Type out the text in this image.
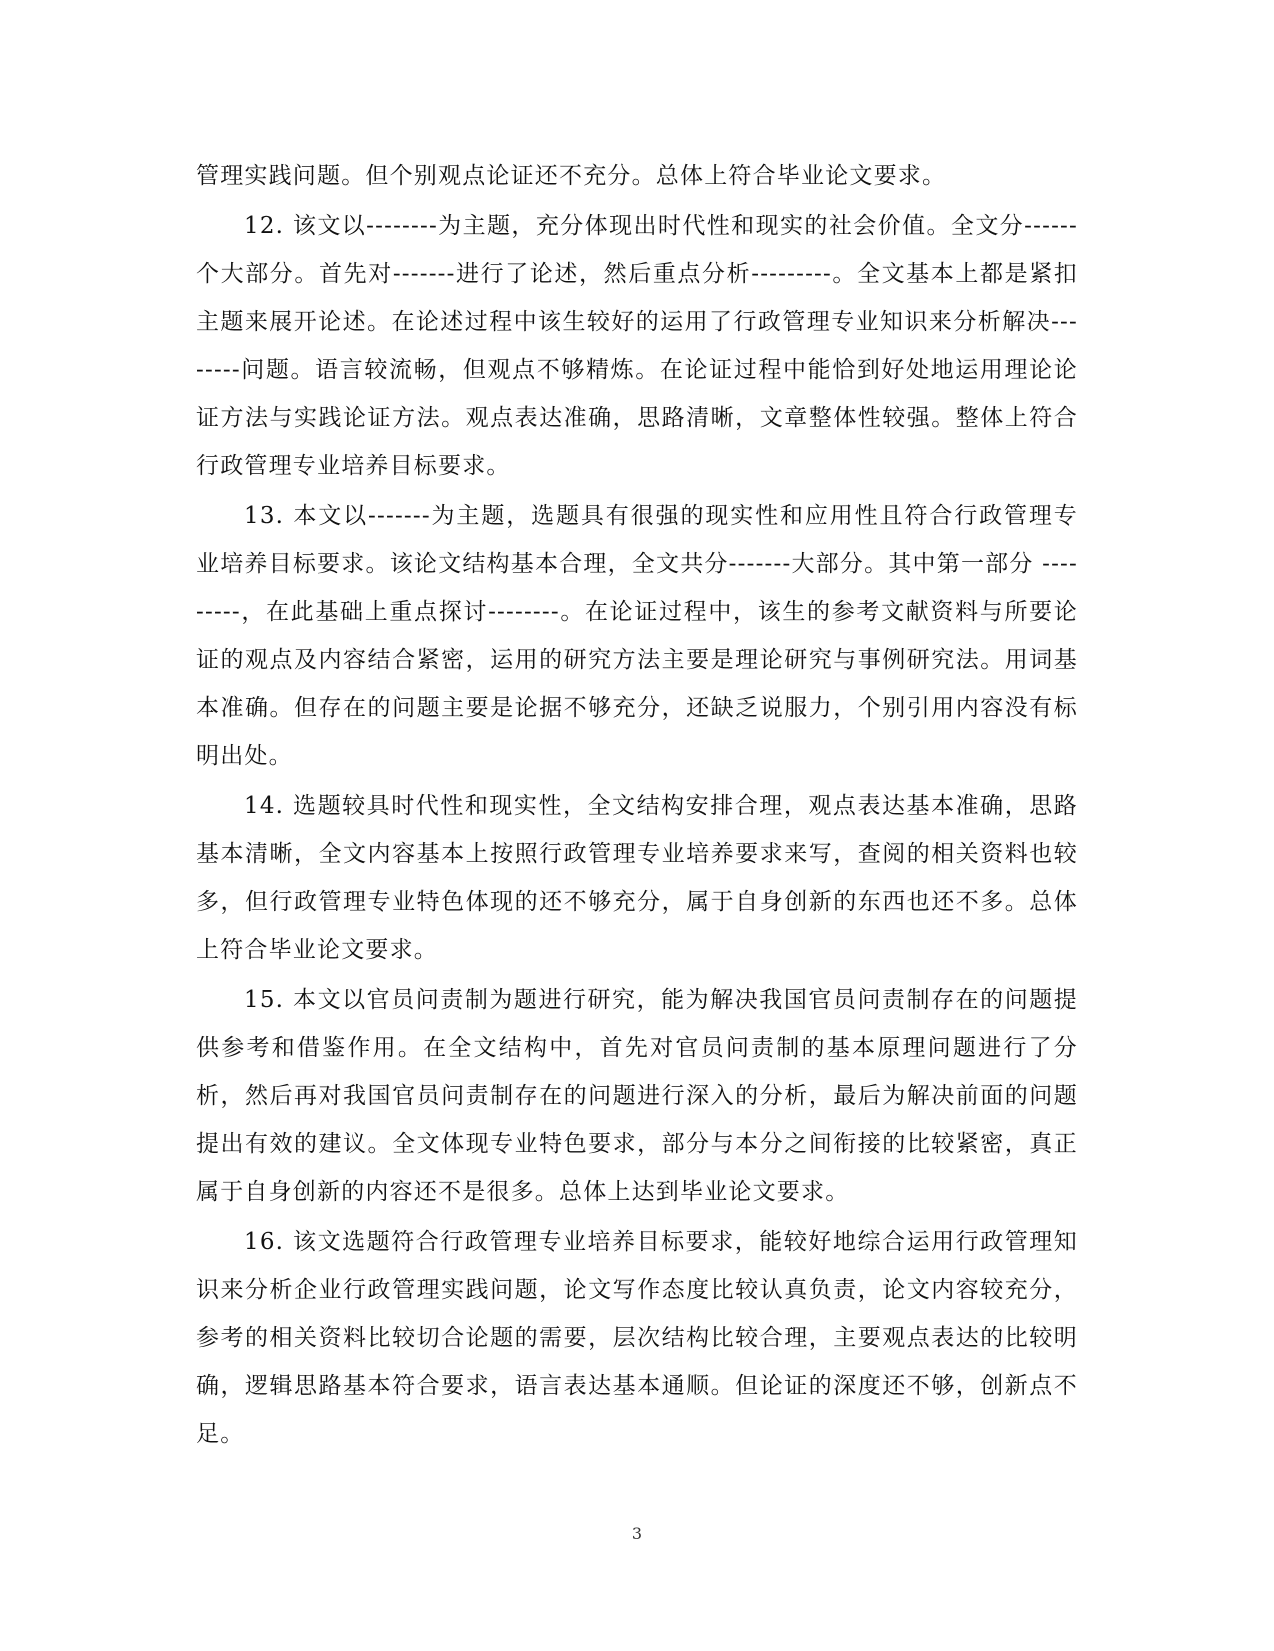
管理实践问题。但个别观点论证还不充分。总体上符合毕业论文要求。

12. 该文以--------为主题，充分体现出时代性和现实的社会价值。全文分------个大部分。首先对-------进行了论述，然后重点分析---------。全文基本上都是紧扣主题来展开论述。在论述过程中该生较好的运用了行政管理专业知识来分析解决--------问题。语言较流畅，但观点不够精炼。在论证过程中能恰到好处地运用理论论证方法与实践论证方法。观点表达准确，思路清晰，文章整体性较强。整体上符合行政管理专业培养目标要求。

13. 本文以-------为主题，选题具有很强的现实性和应用性且符合行政管理专业培养目标要求。该论文结构基本合理，全文共分-------大部分。其中第一部分 ---------，在此基础上重点探讨--------。在论证过程中，该生的参考文献资料与所要论证的观点及内容结合紧密，运用的研究方法主要是理论研究与事例研究法。用词基本准确。但存在的问题主要是论据不够充分，还缺乏说服力，个别引用内容没有标明出处。

14. 选题较具时代性和现实性，全文结构安排合理，观点表达基本准确，思路基本清晰，全文内容基本上按照行政管理专业培养要求来写，查阅的相关资料也较多，但行政管理专业特色体现的还不够充分，属于自身创新的东西也还不多。总体上符合毕业论文要求。

15. 本文以官员问责制为题进行研究，能为解决我国官员问责制存在的问题提供参考和借鉴作用。在全文结构中，首先对官员问责制的基本原理问题进行了分析，然后再对我国官员问责制存在的问题进行深入的分析，最后为解决前面的问题提出有效的建议。全文体现专业特色要求，部分与本分之间衔接的比较紧密，真正属于自身创新的内容还不是很多。总体上达到毕业论文要求。

16. 该文选题符合行政管理专业培养目标要求，能较好地综合运用行政管理知识来分析企业行政管理实践问题，论文写作态度比较认真负责，论文内容较充分，参考的相关资料比较切合论题的需要，层次结构比较合理，主要观点表达的比较明确，逻辑思路基本符合要求，语言表达基本通顺。但论证的深度还不够，创新点不足。

3
